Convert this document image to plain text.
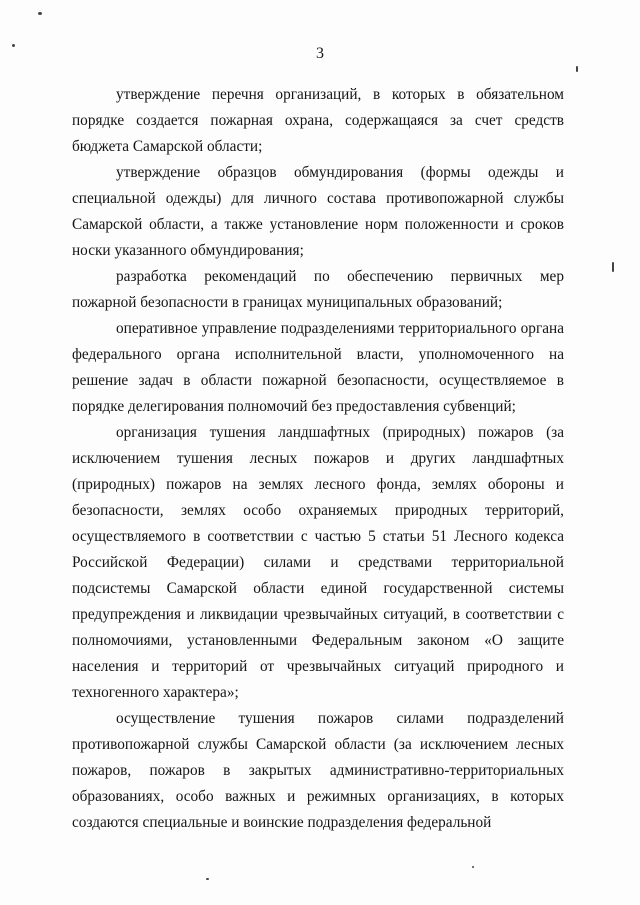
3

утверждение перечня организаций, в которых в обязательном порядке создается пожарная охрана, содержащаяся за счет средств бюджета Самарской области;

утверждение образцов обмундирования (формы одежды и специальной одежды) для личного состава противопожарной службы Самарской области, а также установление норм положенности и сроков носки указанного обмундирования;

разработка рекомендаций по обеспечению первичных мер пожарной безопасности в границах муниципальных образований;

оперативное управление подразделениями территориального органа федерального органа исполнительной власти, уполномоченного на решение задач в области пожарной безопасности, осуществляемое в порядке делегирования полномочий без предоставления субвенций;

организация тушения ландшафтных (природных) пожаров (за исключением тушения лесных пожаров и других ландшафтных (природных) пожаров на землях лесного фонда, землях обороны и безопасности, землях особо охраняемых природных территорий, осуществляемого в соответствии с частью 5 статьи 51 Лесного кодекса Российской Федерации) силами и средствами территориальной подсистемы Самарской области единой государственной системы предупреждения и ликвидации чрезвычайных ситуаций, в соответствии с полномочиями, установленными Федеральным законом «О защите населения и территорий от чрезвычайных ситуаций природного и техногенного характера»;

осуществление тушения пожаров силами подразделений противопожарной службы Самарской области (за исключением лесных пожаров, пожаров в закрытых административно-территориальных образованиях, особо важных и режимных организациях, в которых создаются специальные и воинские подразделения федеральной
